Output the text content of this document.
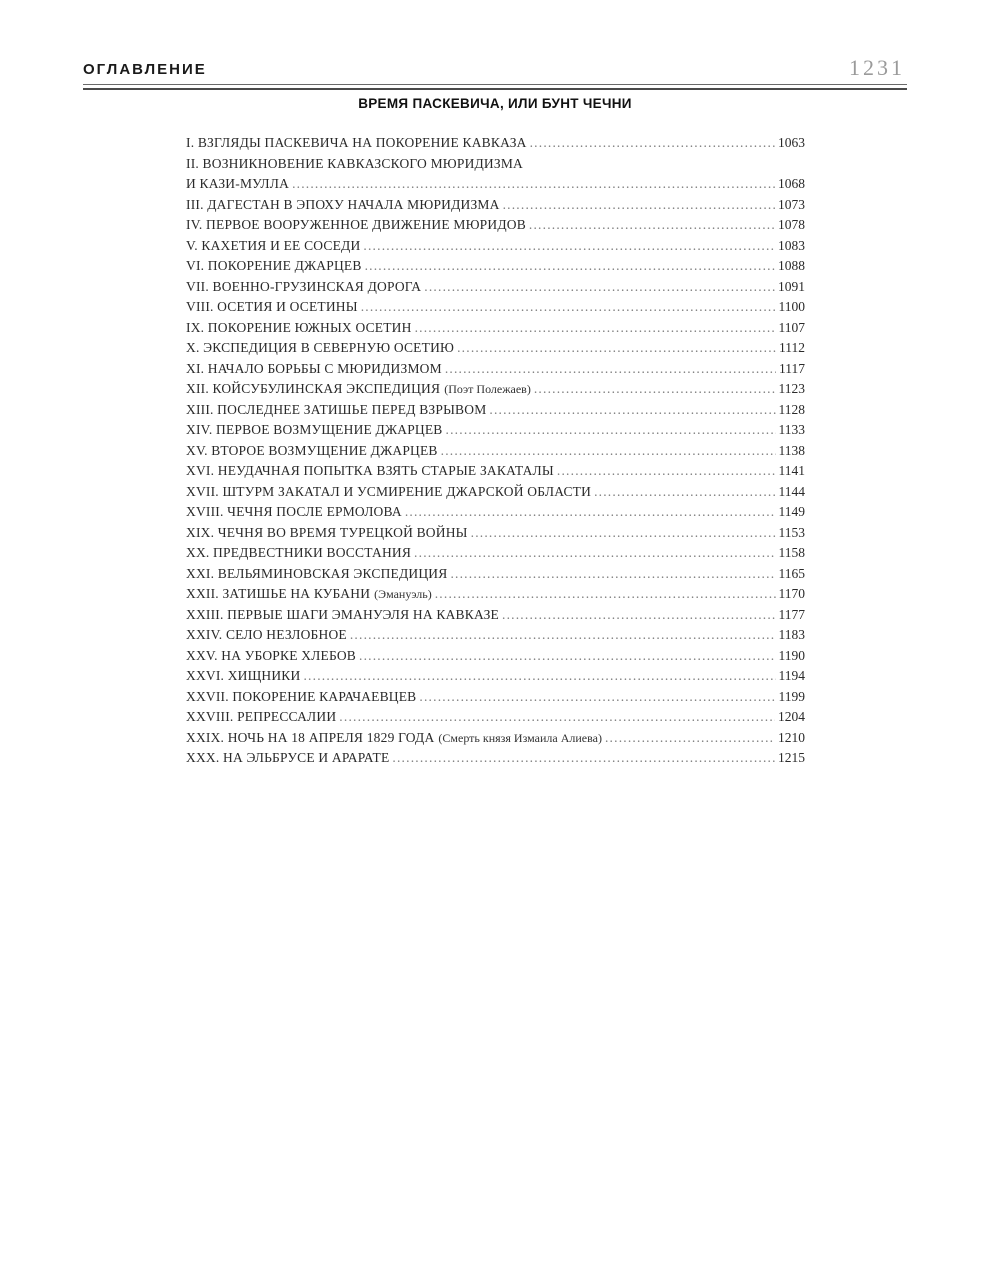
ОГЛАВЛЕНИЕ	1231
ВРЕМЯ ПАСКЕВИЧА, ИЛИ БУНТ ЧЕЧНИ
I. ВЗГЛЯДЫ ПАСКЕВИЧА НА ПОКОРЕНИЕ КАВКАЗА .....	1063
II. ВОЗНИКНОВЕНИЕ КАВКАЗСКОГО МЮРИДИЗМА
И КАЗИ-МУЛЛА .....	1068
III. ДАГЕСТАН В ЭПОХУ НАЧАЛА МЮРИДИЗМА .....	1073
IV. ПЕРВОЕ ВООРУЖЕННОЕ ДВИЖЕНИЕ МЮРИДОВ .....	1078
V. КАХЕТИЯ И ЕЕ СОСЕДИ .....	1083
VI. ПОКОРЕНИЕ ДЖАРЦЕВ .....	1088
VII. ВОЕННО-ГРУЗИНСКАЯ ДОРОГА .....	1091
VIII. ОСЕТИЯ И ОСЕТИНЫ .....	1100
IX. ПОКОРЕНИЕ ЮЖНЫХ ОСЕТИН .....	1107
X. ЭКСПЕДИЦИЯ В СЕВЕРНУЮ ОСЕТИЮ .....	1112
XI. НАЧАЛО БОРЬБЫ С МЮРИДИЗМОМ .....	1117
XII. КОЙСУБУЛИНСКАЯ ЭКСПЕДИЦИЯ (Поэт Полежаев) .....	1123
XIII. ПОСЛЕДНЕЕ ЗАТИШЬЕ ПЕРЕД ВЗРЫВОМ .....	1128
XIV. ПЕРВОЕ ВОЗМУЩЕНИЕ ДЖАРЦЕВ .....	1133
XV. ВТОРОЕ ВОЗМУЩЕНИЕ ДЖАРЦЕВ .....	1138
XVI. НЕУДАЧНАЯ ПОПЫТКА ВЗЯТЬ СТАРЫЕ ЗАКАТАЛЫ .....	1141
XVII. ШТУРМ ЗАКАТАЛ И УСМИРЕНИЕ ДЖАРСКОЙ ОБЛАСТИ .....	1144
XVIII. ЧЕЧНЯ ПОСЛЕ ЕРМОЛОВА .....	1149
XIX. ЧЕЧНЯ ВО ВРЕМЯ ТУРЕЦКОЙ ВОЙНЫ .....	1153
XX. ПРЕДВЕСТНИКИ ВОССТАНИЯ .....	1158
XXI. ВЕЛЬЯМИНОВСКАЯ ЭКСПЕДИЦИЯ .....	1165
XXII. ЗАТИШЬЕ НА КУБАНИ (Эмануэль) .....	1170
XXIII. ПЕРВЫЕ ШАГИ ЭМАНУЭЛЯ НА КАВКАЗЕ .....	1177
XXIV. СЕЛО НЕЗЛОБНОЕ .....	1183
XXV. НА УБОРКЕ ХЛЕБОВ .....	1190
XXVI. ХИЩНИКИ .....	1194
XXVII. ПОКОРЕНИЕ КАРАЧАЕВЦЕВ .....	1199
XXVIII. РЕПРЕССАЛИИ .....	1204
XXIX. НОЧЬ НА 18 АПРЕЛЯ 1829 ГОДА (Смерть князя Измаила Алиева) .....	1210
XXX. НА ЭЛЬБРУСЕ И АРАРАТЕ .....	1215
